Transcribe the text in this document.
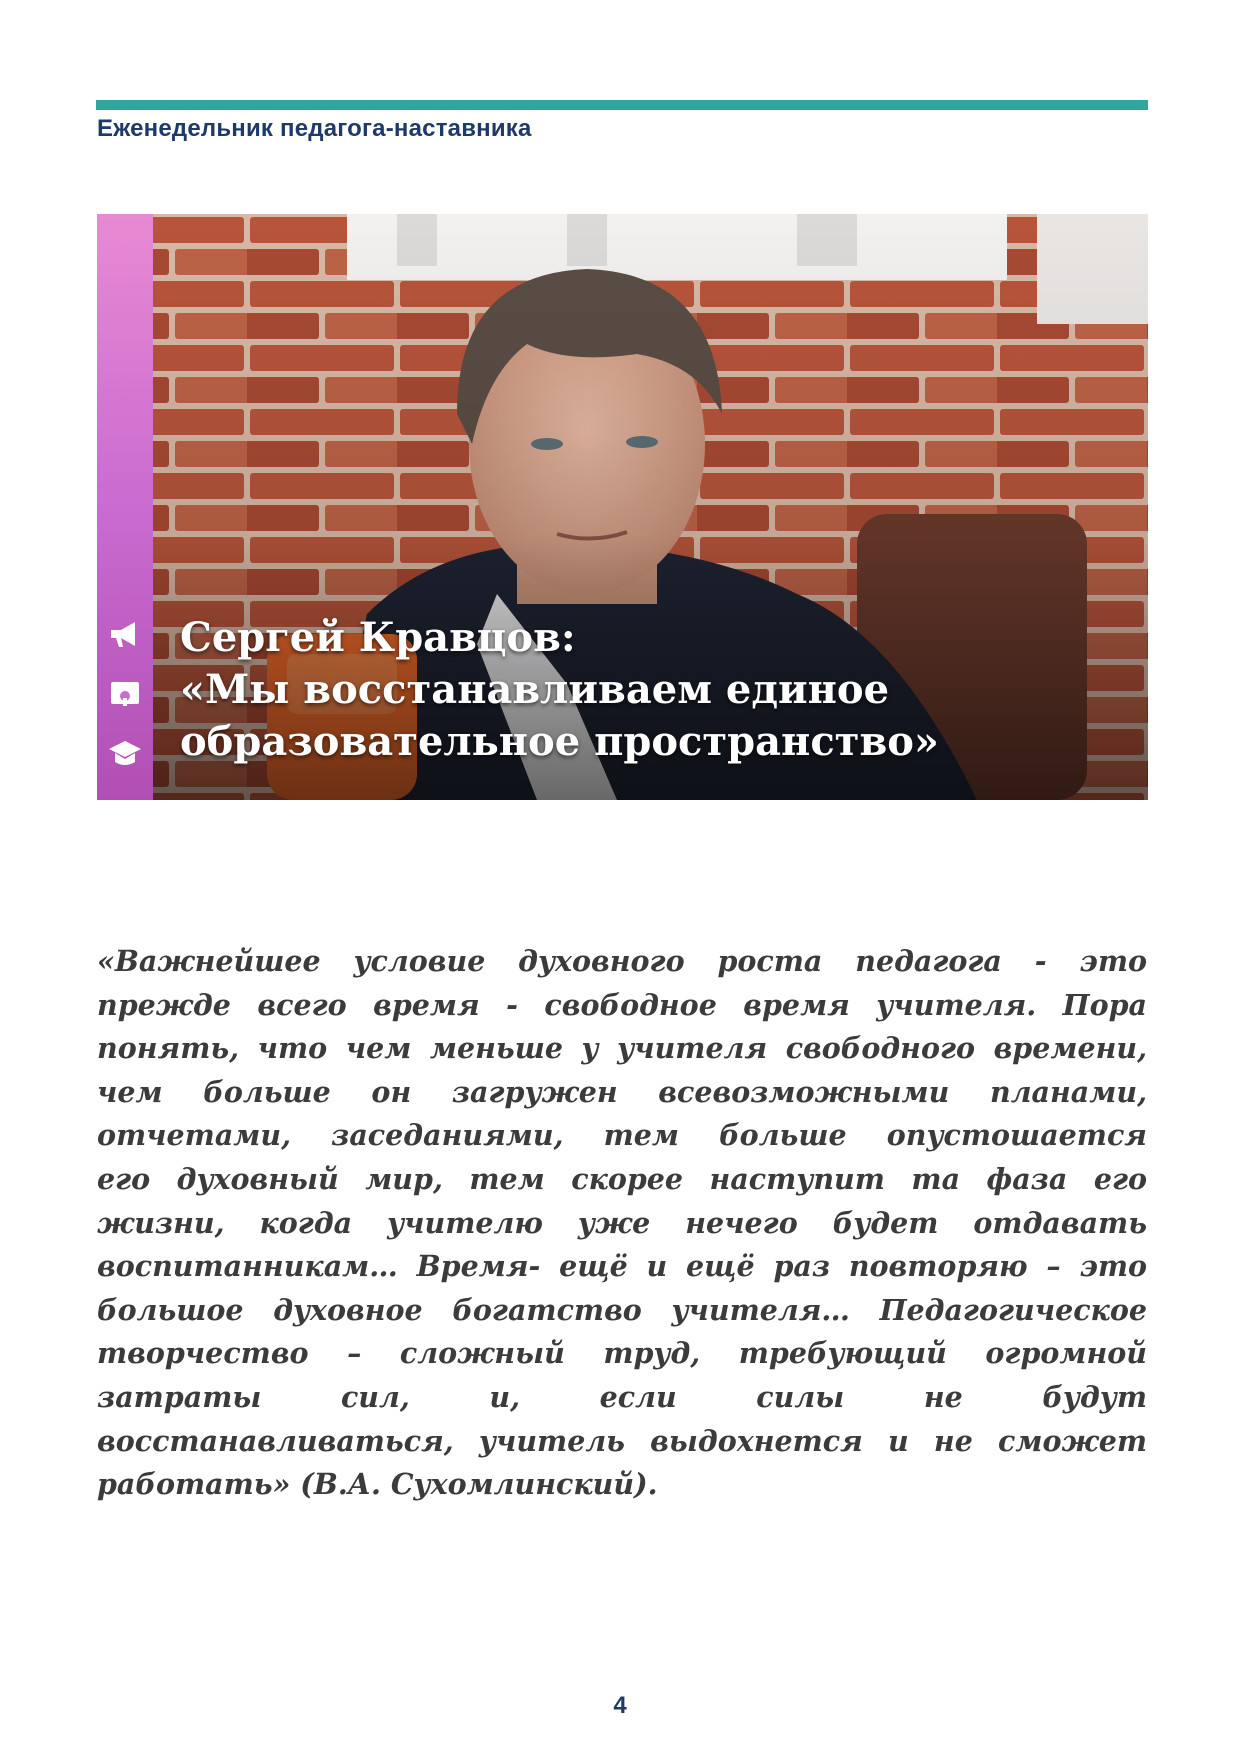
Еженедельник педагога-наставника
Сергей Кравцов:
«Мы восстанавливаем единое
образовательное пространство»
«Важнейшее условие духовного роста педагога - это
прежде всего время - свободное время учителя. Пора
понять, что чем меньше у учителя свободного времени,
чем больше он загружен всевозможными планами,
отчетами, заседаниями, тем больше опустошается
его духовный мир, тем скорее наступит та фаза его
жизни, когда учителю уже нечего будет отдавать
воспитанникам… Время- ещё и ещё раз повторяю – это
большое духовное богатство учителя… Педагогическое
творчество – сложный труд, требующий огромной
затраты сил, и, если силы не будут
восстанавливаться, учитель выдохнется и не сможет
работать» (В.А. Сухомлинский).
4
